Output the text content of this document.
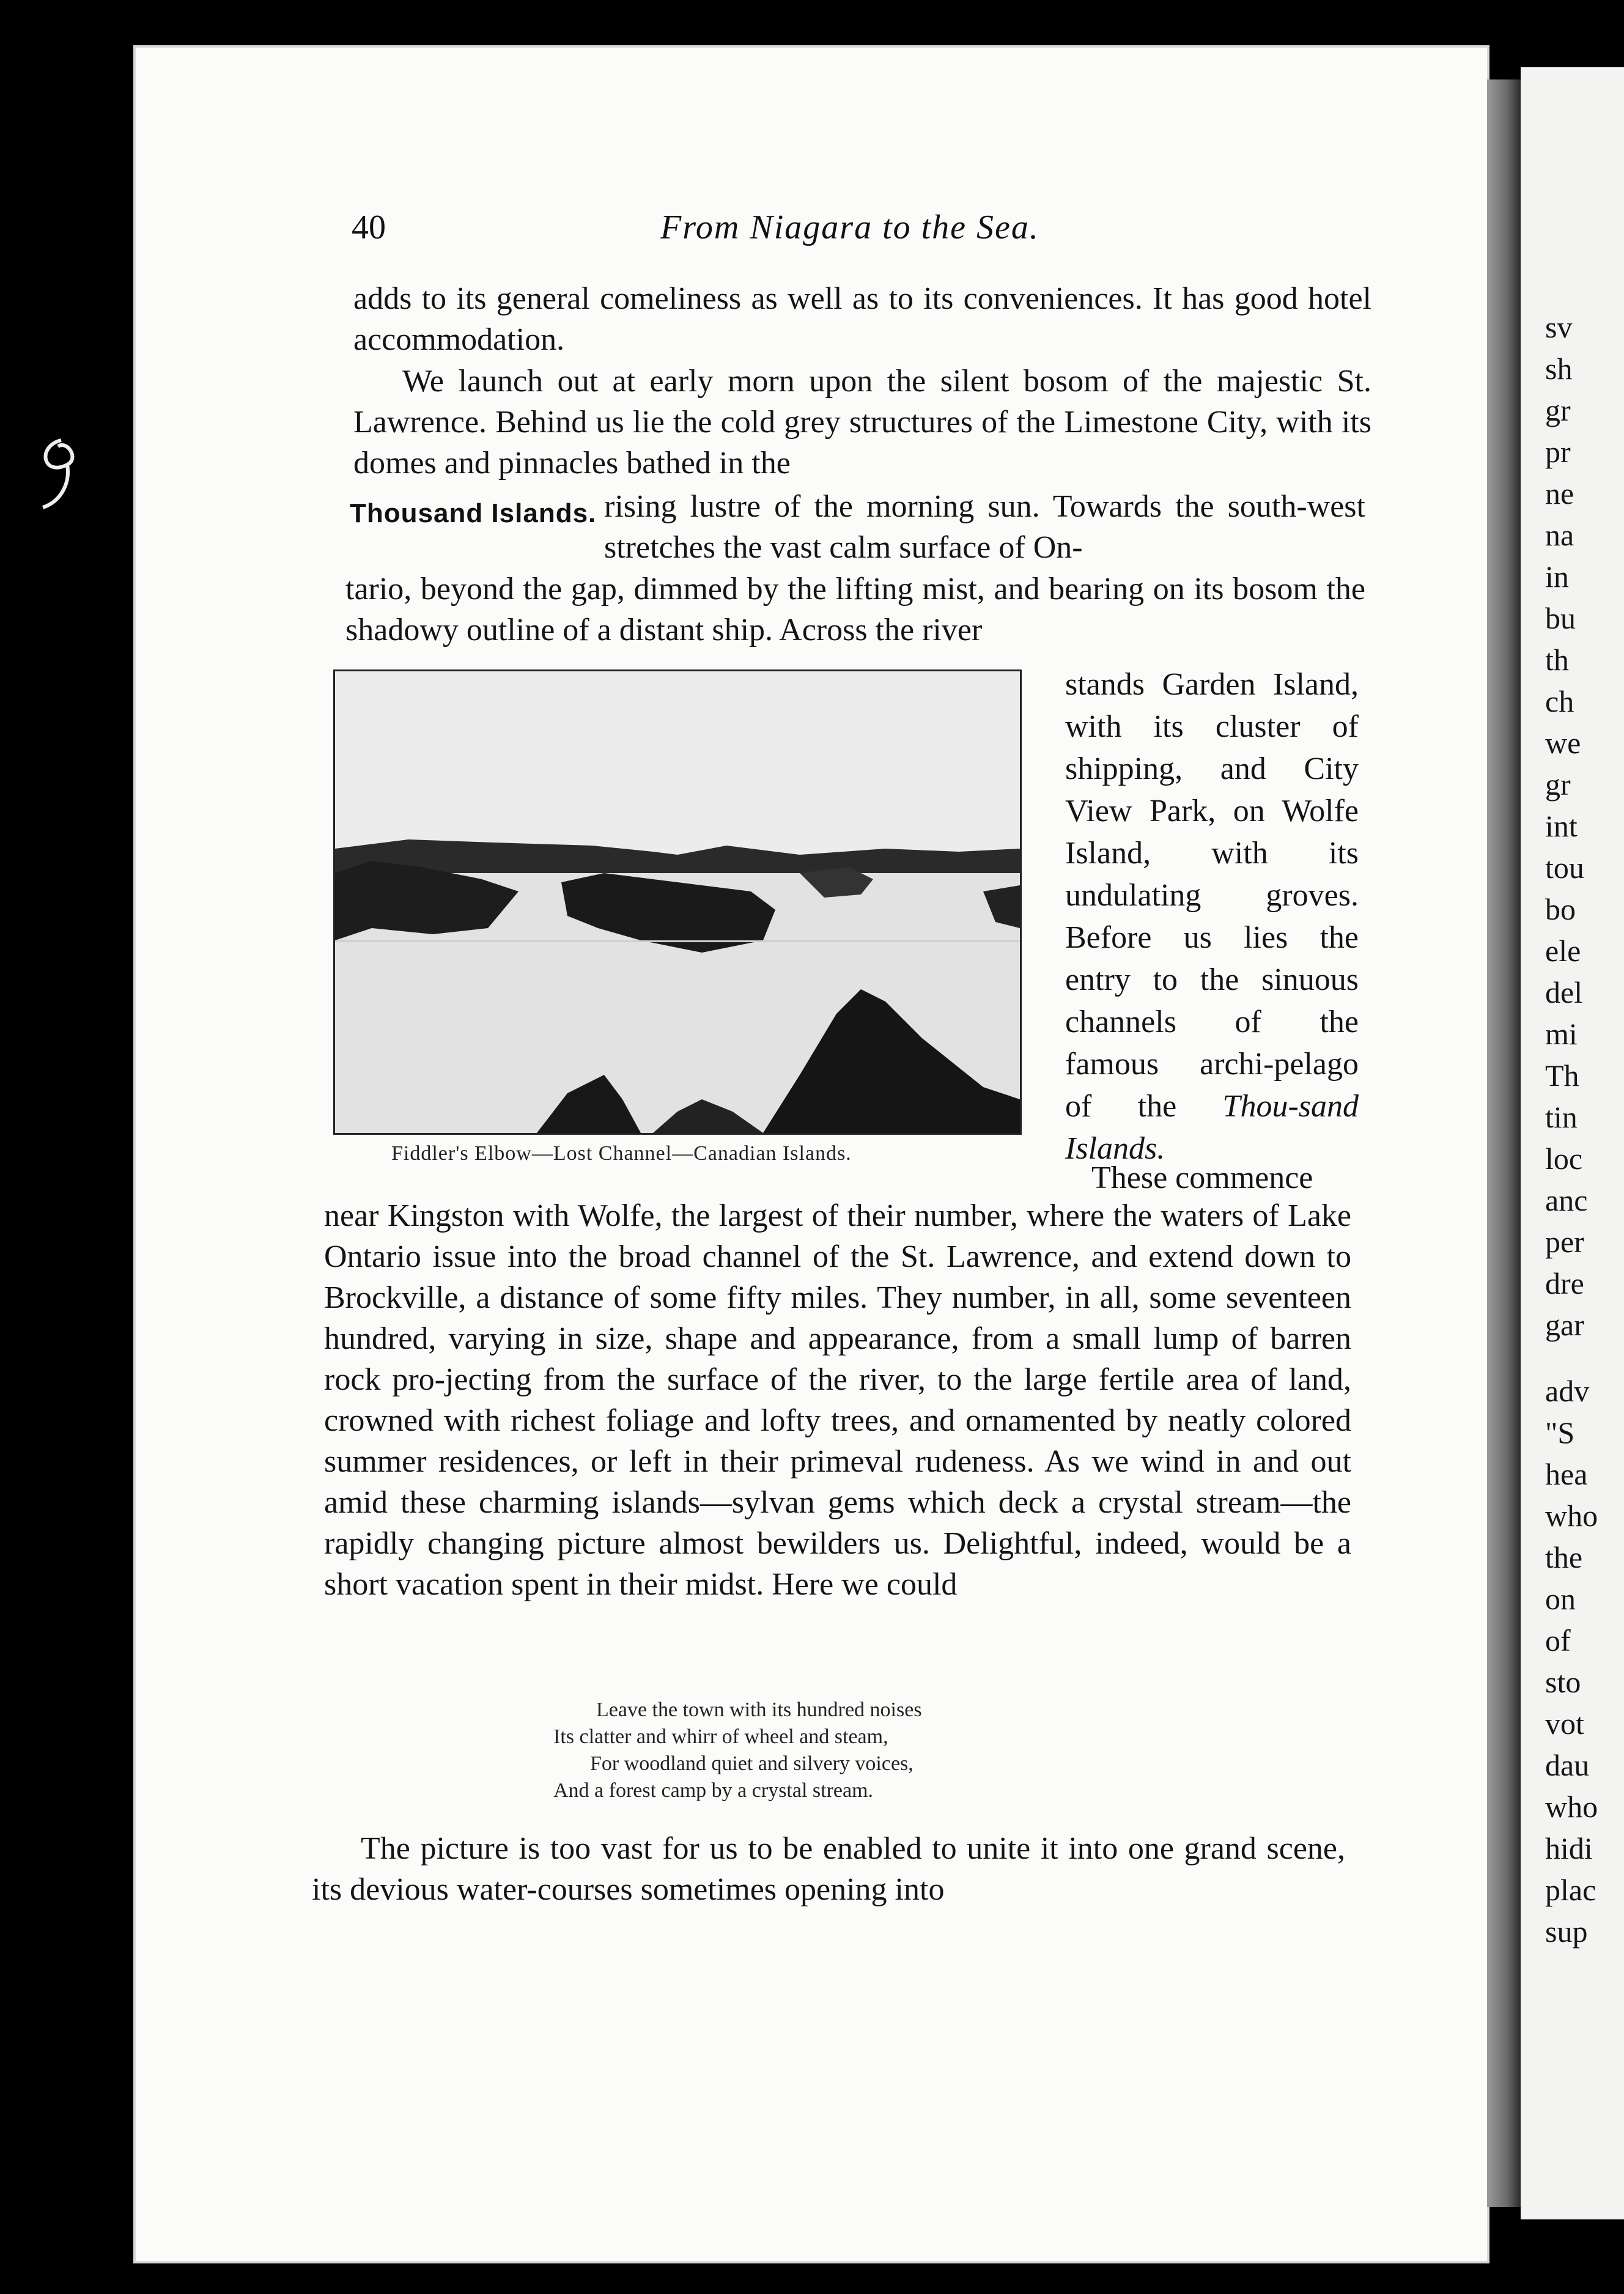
sv
sh
gr
pr
ne
na
in
bu
th
ch
we
gr
int
tou
bo
ele
del
mi
Th
tin
loc
anc
per
dre
gar
adv
"S
hea
who
the
on
of
sto
vot
dau
who
hidi
plac
sup
40	From Niagara to the Sea.
adds to its general comeliness as well as to its conveniences. It has good hotel accommodation.
We launch out at early morn upon the silent bosom of the majestic St. Lawrence. Behind us lie the cold grey structures of the Limestone City, with its domes and pinnacles bathed in the
Thousand Islands. rising lustre of the morning sun. Towards the south-west stretches the vast calm surface of On-
tario, beyond the gap, dimmed by the lifting mist, and bearing on its bosom the shadowy outline of a distant ship. Across the river
Fiddler's Elbow—Lost Channel—Canadian Islands.
stands Garden Island, with its cluster of shipping, and City View Park, on Wolfe Island, with its undulating groves. Before us lies the entry to the sinuous channels of the famous archi-pelago of the Thou-sand Islands.
These commence
near Kingston with Wolfe, the largest of their number, where the waters of Lake Ontario issue into the broad channel of the St. Lawrence, and extend down to Brockville, a distance of some fifty miles. They number, in all, some seventeen hundred, varying in size, shape and appearance, from a small lump of barren rock pro-jecting from the surface of the river, to the large fertile area of land, crowned with richest foliage and lofty trees, and ornamented by neatly colored summer residences, or left in their primeval rudeness. As we wind in and out amid these charming islands—sylvan gems which deck a crystal stream—the rapidly changing picture almost bewilders us. Delightful, indeed, would be a short vacation spent in their midst. Here we could
Leave the town with its hundred noises
Its clatter and whirr of wheel and steam,
For woodland quiet and silvery voices,
And a forest camp by a crystal stream.
The picture is too vast for us to be enabled to unite it into one grand scene, its devious water-courses sometimes opening into
